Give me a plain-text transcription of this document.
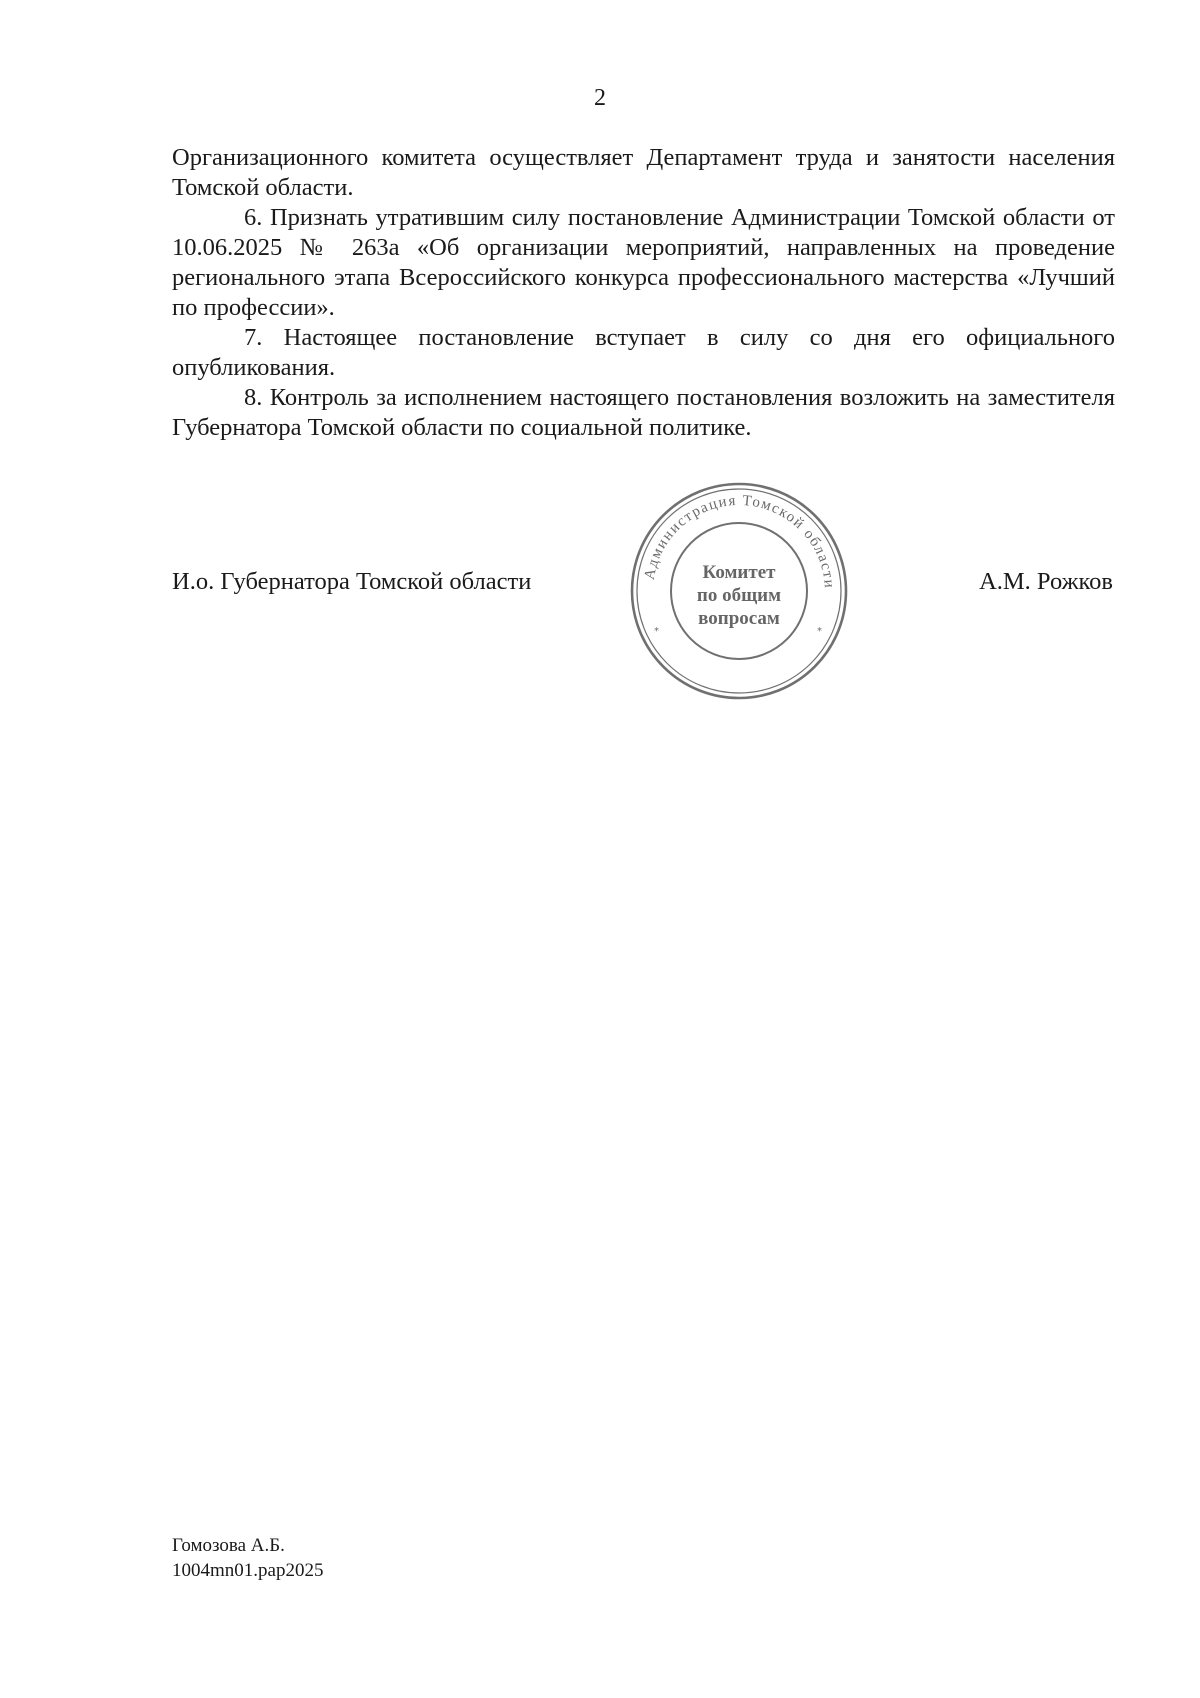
2

Организационного комитета осуществляет Департамент труда и занятости населения Томской области.

6. Признать утратившим силу постановление Администрации Томской области от 10.06.2025 № 263а «Об организации мероприятий, направленных на проведение регионального этапа Всероссийского конкурса профессионального мастерства «Лучший по профессии».

7. Настоящее постановление вступает в силу со дня его официального опубликования.

8. Контроль за исполнением настоящего постановления возложить на заместителя Губернатора Томской области по социальной политике.

И.о. Губернатора Томской области	А.М. Рожков
Администрация Томской области
*	*
Комитет
по общим
вопросам
Гомозова А.Б.
1004mn01.pap2025
